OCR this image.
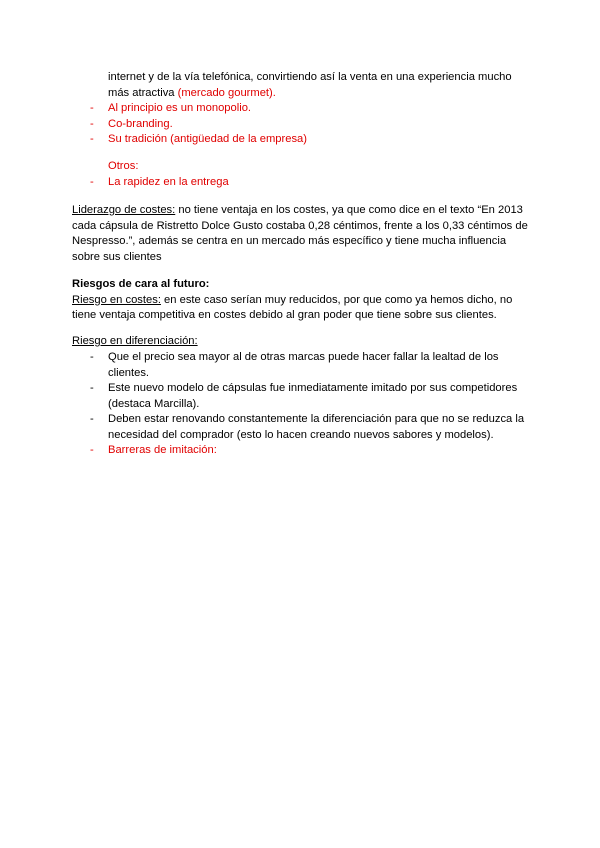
internet y de la vía telefónica, convirtiendo así la venta en una experiencia mucho
más atractiva (mercado gourmet).
- Al principio es un monopolio.
- Co-branding.
- Su tradición (antigüedad de la empresa)
Otros:
- La rapidez en la entrega

Liderazgo de costes: no tiene ventaja en los costes, ya que como dice en el texto “En 2013 cada cápsula de Ristretto Dolce Gusto costaba 0,28 céntimos, frente a los 0,33 céntimos de Nespresso.”, además se centra en un mercado más específico y tiene mucha influencia sobre sus clientes

Riesgos de cara al futuro:

Riesgo en costes: en este caso serían muy reducidos, por que como ya hemos dicho, no tiene ventaja competitiva en costes debido al gran poder que tiene sobre sus clientes.

Riesgo en diferenciación:
- Que el precio sea mayor al de otras marcas puede hacer fallar la lealtad de los clientes.
- Este nuevo modelo de cápsulas fue inmediatamente imitado por sus competidores (destaca Marcilla).
- Deben estar renovando constantemente la diferenciación para que no se reduzca la necesidad del comprador (esto lo hacen creando nuevos sabores y modelos).
- Barreras de imitación:
